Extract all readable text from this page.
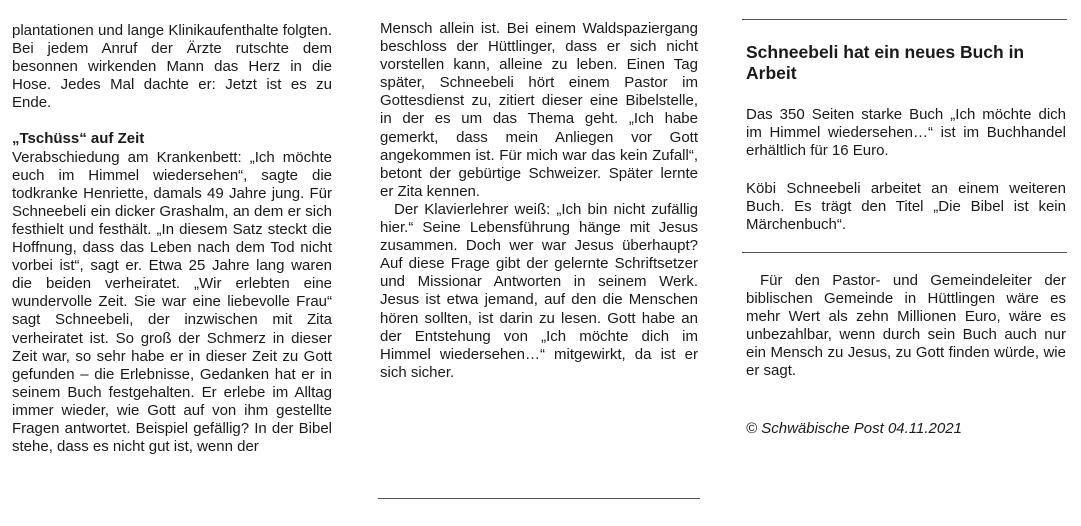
plantationen und lange Klinikaufenthalte folgten. Bei jedem Anruf der Ärzte rutschte dem besonnen wirkenden Mann das Herz in die Hose. Jedes Mal dachte er: Jetzt ist es zu Ende.

„Tschüss“ auf Zeit

Verabschiedung am Krankenbett: „Ich möchte euch im Himmel wiedersehen“, sagte die todkranke Henriette, damals 49 Jahre jung. Für Schneebeli ein dicker Grashalm, an dem er sich festhielt und festhält. „In diesem Satz steckt die Hoffnung, dass das Leben nach dem Tod nicht vorbei ist“, sagt er. Etwa 25 Jahre lang waren die beiden verheiratet. „Wir erlebten eine wundervolle Zeit. Sie war eine liebevolle Frau“ sagt Schneebeli, der inzwischen mit Zita verheiratet ist. So groß der Schmerz in dieser Zeit war, so sehr habe er in dieser Zeit zu Gott gefunden – die Erlebnisse, Gedanken hat er in seinem Buch festgehalten. Er erlebe im Alltag immer wieder, wie Gott auf von ihm gestellte Fragen antwortet. Beispiel gefällig? In der Bibel stehe, dass es nicht gut ist, wenn der

Mensch allein ist. Bei einem Waldspaziergang beschloss der Hüttlinger, dass er sich nicht vorstellen kann, alleine zu leben. Einen Tag später, Schneebeli hört einem Pastor im Gottesdienst zu, zitiert dieser eine Bibelstelle, in der es um das Thema geht. „Ich habe gemerkt, dass mein Anliegen vor Gott angekommen ist. Für mich war das kein Zufall“, betont der gebürtige Schweizer. Später lernte er Zita kennen.

Der Klavierlehrer weiß: „Ich bin nicht zufällig hier.“ Seine Lebensführung hänge mit Jesus zusammen. Doch wer war Jesus überhaupt? Auf diese Frage gibt der gelernte Schriftsetzer und Missionar Antworten in seinem Werk. Jesus ist etwa jemand, auf den die Menschen hören sollten, ist darin zu lesen. Gott habe an der Entstehung von „Ich möchte dich im Himmel wiedersehen…“ mitgewirkt, da ist er sich sicher.

Schneebeli hat ein neues Buch in Arbeit

Das 350 Seiten starke Buch „Ich möchte dich im Himmel wiedersehen…“ ist im Buchhandel erhältlich für 16 Euro.

Köbi Schneebeli arbeitet an einem weiteren Buch. Es trägt den Titel „Die Bibel ist kein Märchenbuch“.

Für den Pastor- und Gemeindeleiter der biblischen Gemeinde in Hüttlingen wäre es mehr Wert als zehn Millionen Euro, wäre es unbezahlbar, wenn durch sein Buch auch nur ein Mensch zu Jesus, zu Gott finden würde, wie er sagt.

© Schwäbische Post 04.11.2021
